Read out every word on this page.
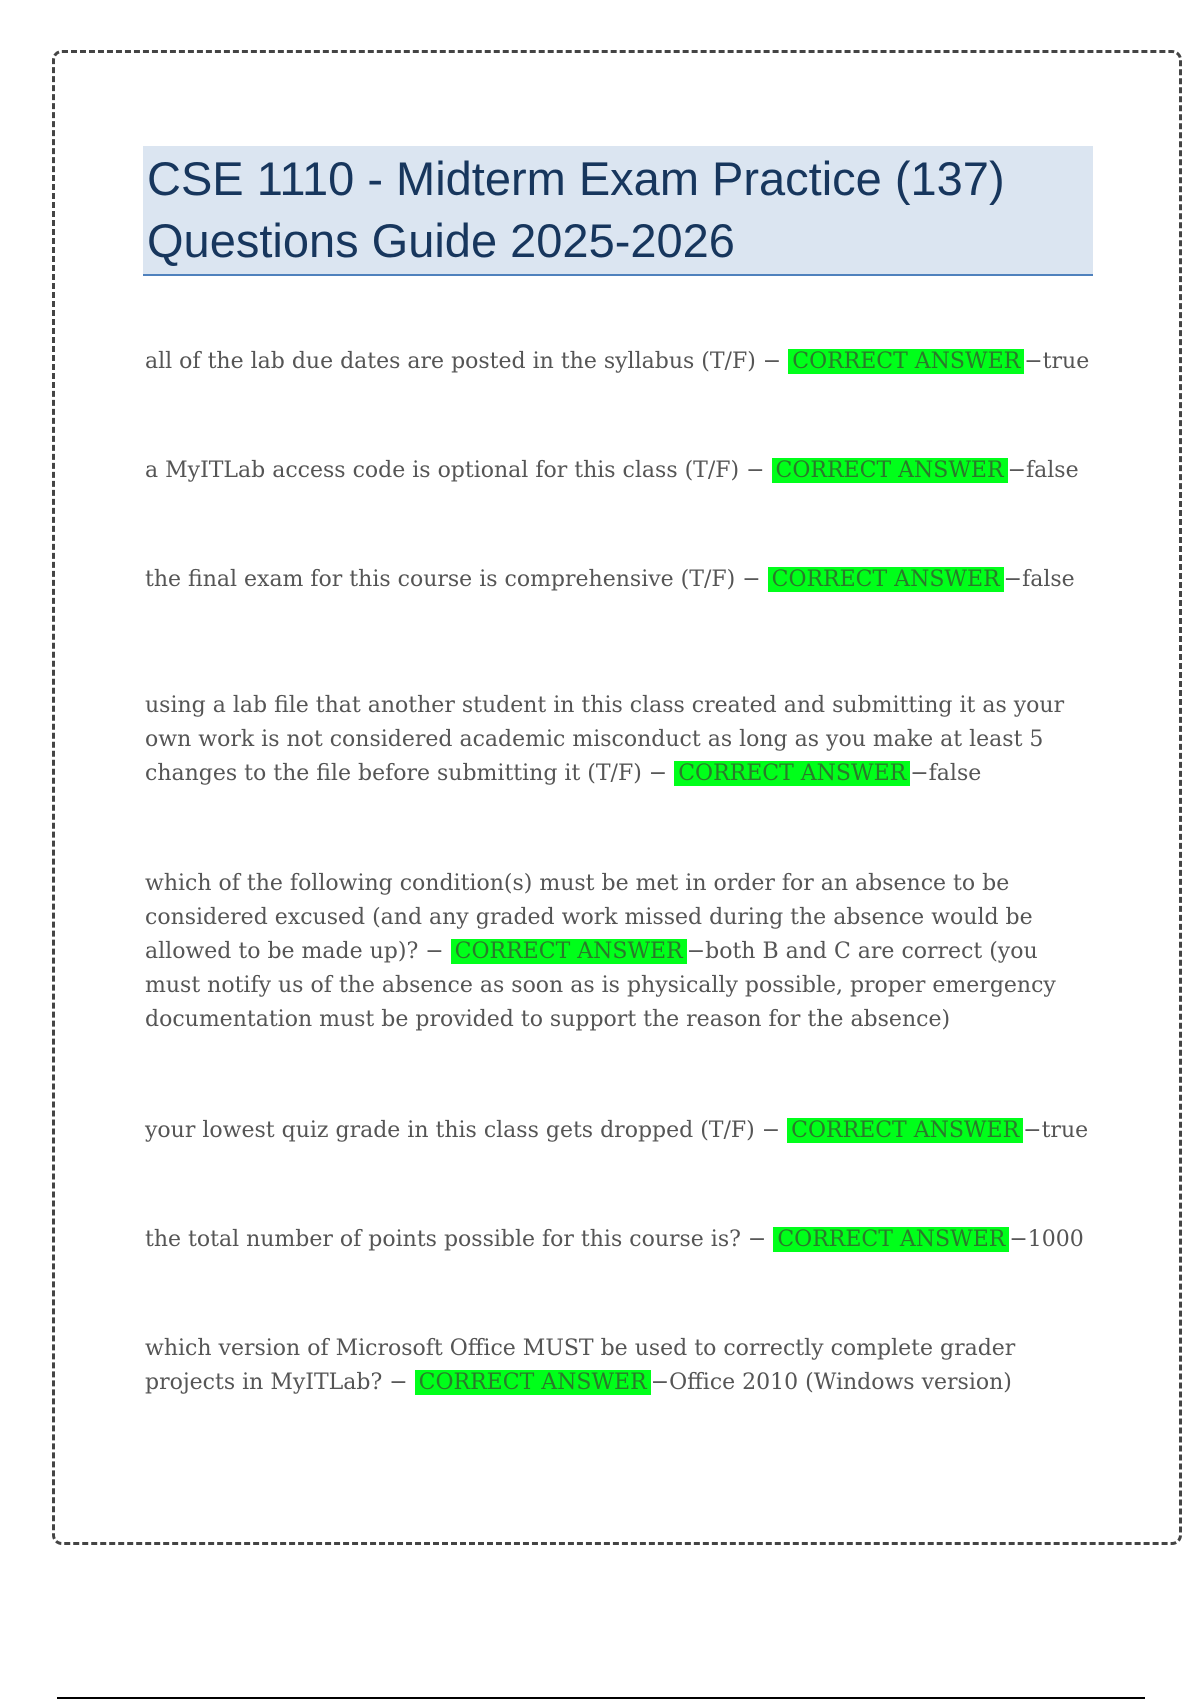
CSE 1110 - Midterm Exam Practice (137) Questions Guide 2025-2026

all of the lab due dates are posted in the syllabus (T/F) − CORRECT ANSWER −true

a MyITLab access code is optional for this class (T/F) − CORRECT ANSWER −false

the final exam for this course is comprehensive (T/F) − CORRECT ANSWER −false

using a lab file that another student in this class created and submitting it as your own work is not considered academic misconduct as long as you make at least 5 changes to the file before submitting it (T/F) − CORRECT ANSWER −false

which of the following condition(s) must be met in order for an absence to be considered excused (and any graded work missed during the absence would be allowed to be made up)? − CORRECT ANSWER −both B and C are correct (you must notify us of the absence as soon as is physically possible, proper emergency documentation must be provided to support the reason for the absence)

your lowest quiz grade in this class gets dropped (T/F) − CORRECT ANSWER −true

the total number of points possible for this course is? − CORRECT ANSWER −1000

which version of Microsoft Office MUST be used to correctly complete grader projects in MyITLab? − CORRECT ANSWER −Office 2010 (Windows version)
